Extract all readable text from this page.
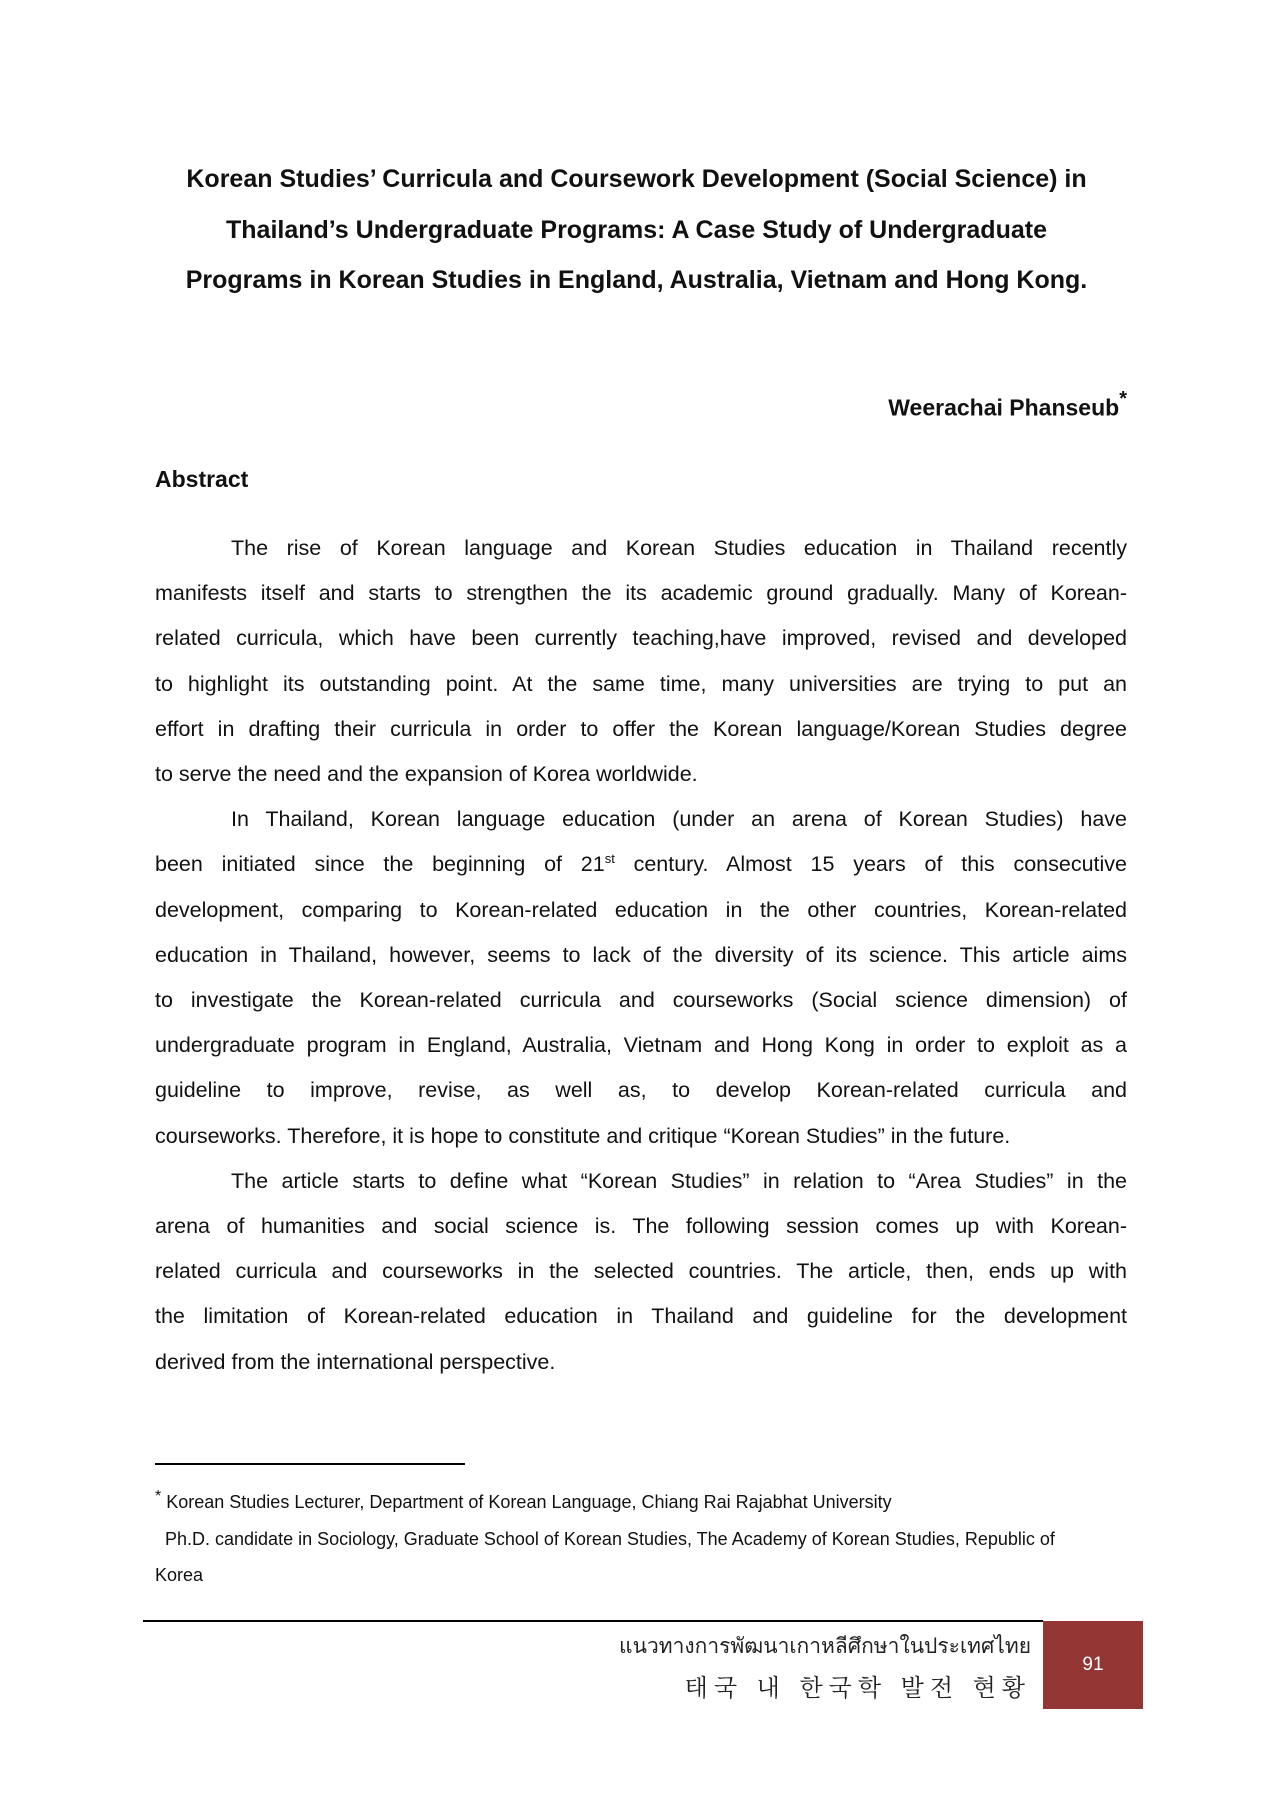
Korean Studies’ Curricula and Coursework Development (Social Science) in
Thailand’s Undergraduate Programs: A Case Study of Undergraduate
Programs in Korean Studies in England, Australia, Vietnam and Hong Kong.
Weerachai Phanseub*
Abstract
The rise of Korean language and Korean Studies education in Thailand recently
manifests itself and starts to strengthen the its academic ground gradually. Many of Korean-
related curricula, which have been currently teaching,have improved, revised and developed
to highlight its outstanding point. At the same time, many universities are trying to put an
effort in drafting their curricula in order to offer the Korean language/Korean Studies degree
to serve the need and the expansion of Korea worldwide.
In Thailand, Korean language education (under an arena of Korean Studies) have
been initiated since the beginning of 21st century. Almost 15 years of this consecutive
development, comparing to Korean-related education in the other countries, Korean-related
education in Thailand, however, seems to lack of the diversity of its science. This article aims
to investigate the Korean-related curricula and courseworks (Social science dimension) of
undergraduate program in England, Australia, Vietnam and Hong Kong in order to exploit as a
guideline to improve, revise, as well as, to develop Korean-related curricula and
courseworks. Therefore, it is hope to constitute and critique “Korean Studies” in the future.
The article starts to define what “Korean Studies” in relation to “Area Studies” in the
arena of humanities and social science is. The following session comes up with Korean-
related curricula and courseworks in the selected countries. The article, then, ends up with
the limitation of Korean-related education in Thailand and guideline for the development
derived from the international perspective.
* Korean Studies Lecturer, Department of Korean Language, Chiang Rai Rajabhat University
Ph.D. candidate in Sociology, Graduate School of Korean Studies, The Academy of Korean Studies, Republic of
Korea
แนวทางการพัฒนาเกาหลีศึกษาในประเทศไทย
태국 내 한국학 발전 현황
91
